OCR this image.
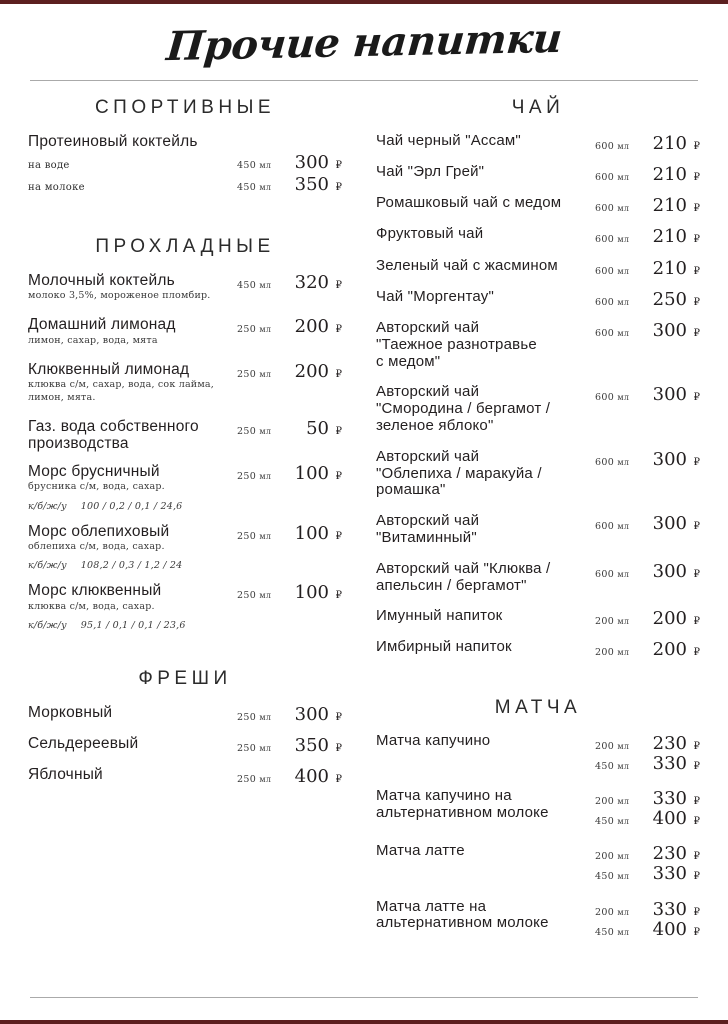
Прочие напитки
СПОРТИВНЫЕ
Протеиновый коктейль
на воде	450 мл	300 ₽
на молоке	450 мл	350 ₽
ПРОХЛАДНЫЕ
Молочный коктейль
молоко 3,5%, мороженое пломбир.
450 мл	320 ₽
Домашний лимонад
лимон, сахар, вода, мята
250 мл	200 ₽
Клюквенный лимонад
клюква с/м, сахар, вода, сок лайма,
лимон, мята.
250 мл	200 ₽
Газ. вода собственного производства
250 мл	50 ₽
Морс брусничный
брусника с/м, вода, сахар.
250 мл	100 ₽
к/б/ж/у 100 / 0,2 / 0,1 / 24,6
Морс облепиховый
облепиха с/м, вода, сахар.
250 мл	100 ₽
к/б/ж/у 108,2 / 0,3 / 1,2 / 24
Морс клюквенный
клюква с/м, вода, сахар.
250 мл	100 ₽
к/б/ж/у 95,1 / 0,1 / 0,1 / 23,6
ФРЕШИ
Морковный	250 мл	300 ₽
Сельдереевый	250 мл	350 ₽
Яблочный	250 мл	400 ₽
ЧАЙ
Чай черный "Ассам"	600 мл	210 ₽
Чай "Эрл Грей"	600 мл	210 ₽
Ромашковый чай с медом	600 мл	210 ₽
Фруктовый чай	600 мл	210 ₽
Зеленый чай с жасмином	600 мл	210 ₽
Чай "Моргентау"	600 мл	250 ₽
Авторский чай
"Таежное разнотравье
с медом"
600 мл	300 ₽
Авторский чай
"Смородина / бергамот /
зеленое яблоко"
600 мл	300 ₽
Авторский чай
"Облепиха / маракуйа /
ромашка"
600 мл	300 ₽
Авторский чай
"Витаминный"
600 мл	300 ₽
Авторский чай "Клюква /
апельсин / бергамот"
600 мл	300 ₽
Имунный напиток	200 мл	200 ₽
Имбирный напиток	200 мл	200 ₽
МАТЧА
Матча капучино	200 мл	230 ₽
450 мл	330 ₽
Матча капучино на
альтернативном молоке
200 мл	330 ₽
450 мл	400 ₽
Матча латте	200 мл	230 ₽
450 мл	330 ₽
Матча латте на
альтернативном молоке
200 мл	330 ₽
450 мл	400 ₽
